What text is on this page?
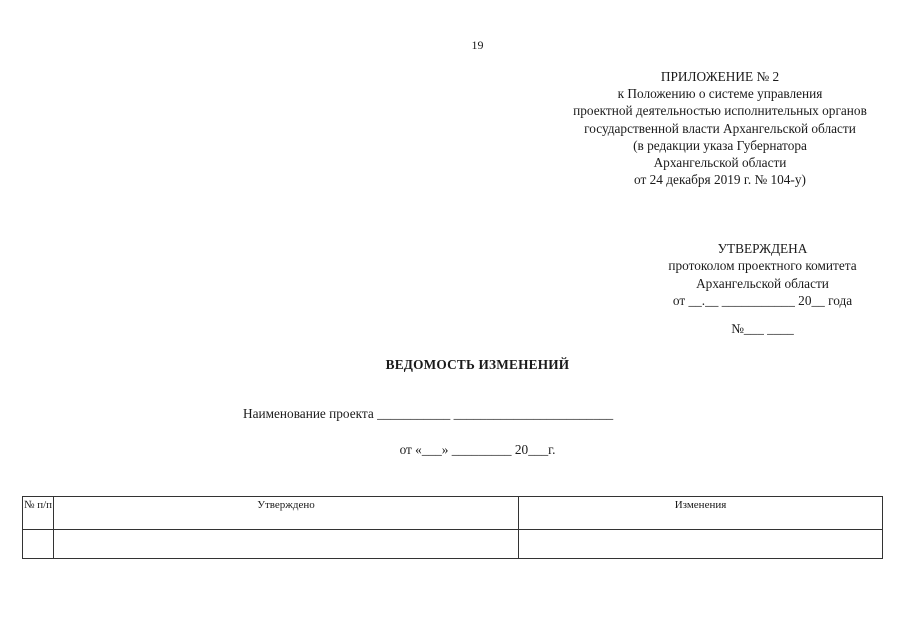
19
ПРИЛОЖЕНИЕ № 2
к Положению о системе управления
проектной деятельностью исполнительных органов
государственной власти Архангельской области
(в редакции указа Губернатора
Архангельской области
от 24 декабря 2019 г. № 104-у)
УТВЕРЖДЕНА
протоколом проектного комитета
Архангельской области
от __.__ ___________ 20__ года
№___ ____
ВЕДОМОСТЬ ИЗМЕНЕНИЙ
Наименование проекта ___________ ________________________
от «___» _________ 20___г.
№ п/п	Утверждено	Изменения
